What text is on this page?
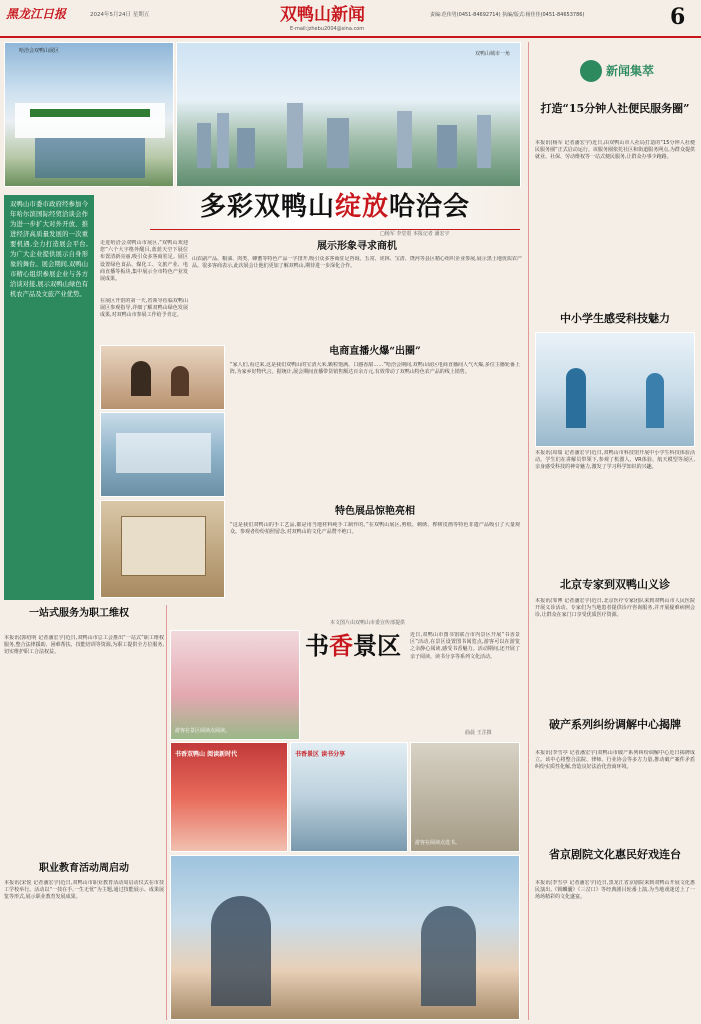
黑龙江日报	2024年5月24日 星期五	双鸭山新闻
E-mail:jzhebu2004@sina.com
责编:范伟男(0451-84692714) 执编/版式:杨佳佳(0451-84653786)	6
哈洽会双鸭山展区	双鸭山城市一角
多彩双鸭山绽放哈洽会
□杨军 李堂震 本报记者 潘宏宇
双鸭山市委市政府经参加今年哈尔滨国际经贸洽谈会作为进一步扩大对外开放、推进经济高质量发展的一次重要机遇,全力打造展会平台,为广大企业提供展示自身形象的舞台。展会期间,双鸭山市精心组织参展企业与各方洽谈对接,展示双鸭山绿色有机农产品及文旅产业优势。
走进哈洽会双鸭山市展区,“双鸭山欢迎您”六个大字格外醒目,蓝蓝天空下展位布置清新亮丽,吸引众多客商驻足。展区设置绿色食品、煤化工、文旅产业、电商直播等板块,集中展示全市特色产业发展成果。
在展区开馆的第一天,省领导莅临双鸭山展区参观指导,详细了解双鸭山绿色发展成果,对双鸭山市参展工作给予肯定。
展示形象寻求商机
山农副产品、粮油、肉类、蜂蜜等特色产品一字排开,吸引众多客商驻足咨询。五常、虎林、宝清、饶河等县区精心组织企业参展,展示黑土地优质农产品。很多客商表示,此次展会让他们更加了解双鸭山,期待进一步深化合作。
电商直播火爆“出圈”
“家人们,看过来,这是我们双鸭山的宝清大米,颗粒饱满、口感香甜……”哈洽会期间,双鸭山展区电商直播间人气火爆,多位主播轮番上阵,为家乡好物代言。据统计,展会期间直播带货销售额达百余万元,有效带动了双鸭山特色农产品的线上销售。
特色展品惊艳亮相
“这是我们双鸭山的手工艺品,都是用当地材料纯手工制作的。”在双鸭山展区,剪纸、刺绣、桦树皮画等特色非遗产品吸引了大量观众。参观者纷纷拍照留念,对双鸭山的文化产品赞不绝口。
本文图片由双鸭山市委宣传部提供
一站式服务为职工维权
本报讯(郭绍明 记者潘宏宇)近日,双鸭山市总工会推出“一站式”职工维权服务,整合法律援助、困难帮扶、技能培训等资源,为职工提供全方位服务,切实维护职工合法权益。
职业教育活动周启动
本报讯(宋悦 记者潘宏宇)近日,双鸭山市职业教育活动周启动仪式在市技工学校举行。活动以“一技在手,一生无忧”为主题,通过技能展示、成果展览等形式,展示职业教育发展成果。
游客在景区阅读点阅读。
书香景区	近日,双鸭山市图书馆联合市内景区开展“书香景区”活动,在景区设置图书阅览点,游客可以在游览之余静心阅读,感受书香魅力。活动期间,还开展了亲子阅读、读书分享等系列文化活动。
曲晨 王芷摄
书香双鸭山 阅读新时代	书香景区 读书分享
游客在阅读点选书。
新闻集萃
打造“15分钟人社便民服务圈”
本报讯(杨军 记者潘宏宇)近日,由双鸭山市人社局打造的“15分钟人社便民服务圈”正式启动运行。该服务圈依托社区和街道服务网点,为群众提供就业、社保、劳动维权等一站式便民服务,让群众办事少跑路。
中小学生感受科技魅力
本报讯(周瑞 记者潘宏宇)近日,双鸭山市科技馆开展中小学生科技体验活动。学生们在讲解员带领下,参观了机器人、VR体验、航天模型等展区,亲身感受科技的神奇魅力,激发了学习科学知识的兴趣。
北京专家到双鸭山义诊
本报讯(邹博 记者潘宏宇)近日,北京医疗专家团队来到双鸭山市人民医院开展义诊活动。专家们为当地患者提供诊疗咨询服务,并开展疑难病例会诊,让群众在家门口享受优质医疗资源。
破产系列纠纷调解中心揭牌
本报讯(李雪亭 记者潘宏宇)双鸭山市破产系列纠纷调解中心近日揭牌成立。该中心将整合法院、律师、行业协会等多方力量,推动破产案件矛盾纠纷实质性化解,营造良好法治化营商环境。
省京剧院文化惠民好戏连台
本报讯(李雪亭 记者潘宏宇)近日,黑龙江省京剧院来到双鸭山开展文化惠民演出,《锁麟囊》《三岔口》等经典剧目轮番上演,为当地戏迷送上了一场场精彩的文化盛宴。
